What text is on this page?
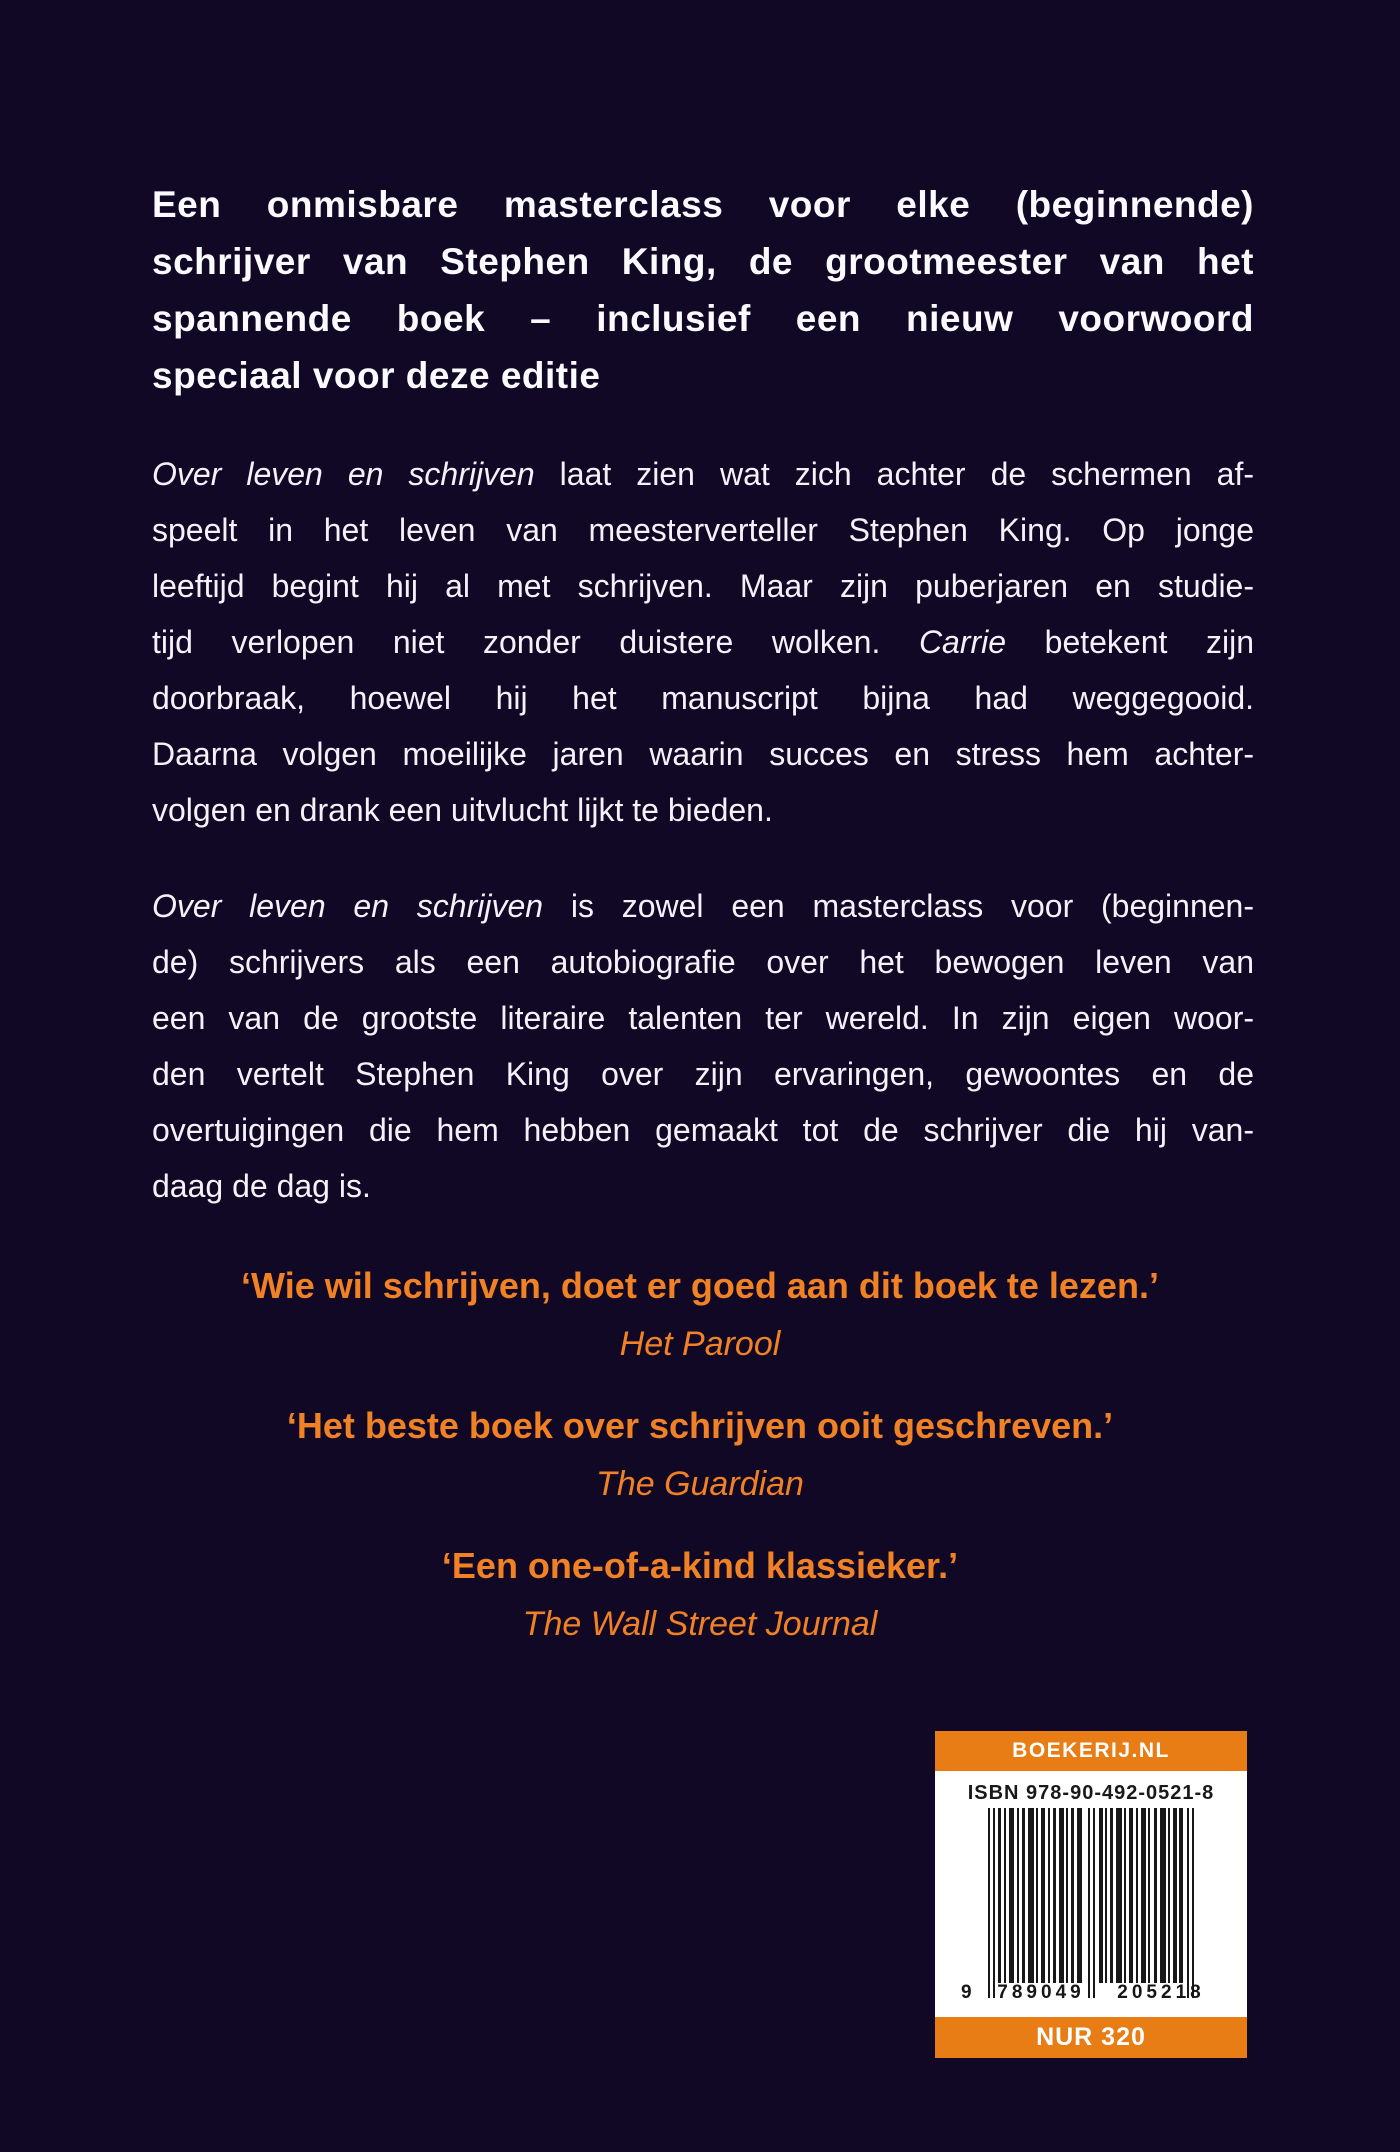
Een onmisbare masterclass voor elke (beginnende)
schrijver van Stephen King, de grootmeester van het
spannende boek – inclusief een nieuw voorwoord
speciaal voor deze editie
Over leven en schrijven laat zien wat zich achter de schermen af-
speelt in het leven van meesterverteller Stephen King. Op jonge
leeftijd begint hij al met schrijven. Maar zijn puberjaren en studie-
tijd verlopen niet zonder duistere wolken. Carrie betekent zijn
doorbraak, hoewel hij het manuscript bijna had weggegooid.
Daarna volgen moeilijke jaren waarin succes en stress hem achter-
volgen en drank een uitvlucht lijkt te bieden.
Over leven en schrijven is zowel een masterclass voor (beginnen-
de) schrijvers als een autobiografie over het bewogen leven van
een van de grootste literaire talenten ter wereld. In zijn eigen woor-
den vertelt Stephen King over zijn ervaringen, gewoontes en de
overtuigingen die hem hebben gemaakt tot de schrijver die hij van-
daag de dag is.
‘Wie wil schrijven, doet er goed aan dit boek te lezen.’
Het Parool
‘Het beste boek over schrijven ooit geschreven.’
The Guardian
‘Een one-of-a-kind klassieker.’
The Wall Street Journal
BOEKERIJ.NL
ISBN 978-90-492-0521-8
9	789049	205218
NUR 320
